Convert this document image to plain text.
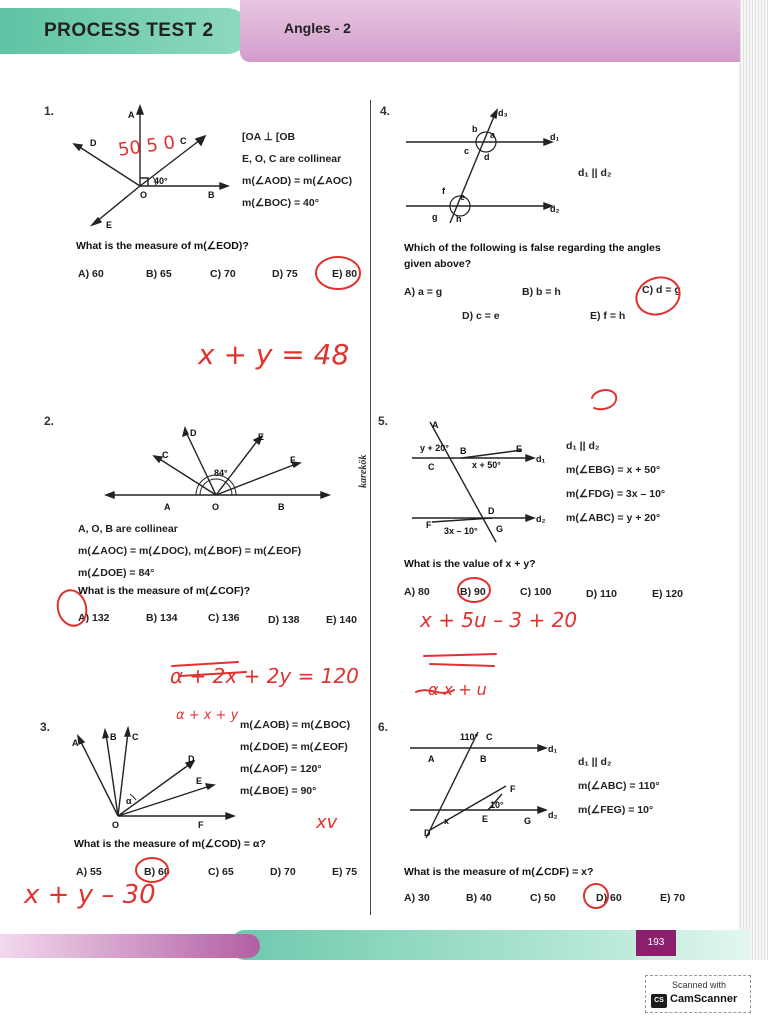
PROCESS TEST 2	Angles - 2
karekök
1.	A
C
D
B
O
E
40°
[OA ⊥ [OB
E, O, C are collinear
m(∠AOD) = m(∠AOC)
m(∠BOC) = 40°
What is the measure of m(∠EOD)?
A) 60	B) 65	C) 70	D) 75	E) 80
2.
D	E
C	F
A	O	B
84°
A, O, B are collinear
m(∠AOC) = m(∠DOC), m(∠BOF) = m(∠EOF)
m(∠DOE) = 84°
What is the measure of m(∠COF)?
A) 132	B) 134	C) 136	D) 138	E) 140
3.
A
B C
D
E
F
O
α
m(∠AOB) = m(∠BOC)
m(∠DOE) = m(∠EOF)
m(∠AOF) = 120°
m(∠BOE) = 90°
What is the measure of m(∠COD) = α?
A) 55	B) 60	C) 65	D) 70	E) 75
4.	d₃
d₁
d₂
b
a
c
d
f
e
g h
d₁ || d₂
Which of the following is false regarding the angles
given above?
A) a = g	B) b = h	C) d = g
D) c = e	E) f = h
5.	A
B
C
E
D
F	G
d₁
d₂
y + 20°
x + 50°
3x – 10°
d₁ || d₂
m(∠EBG) = x + 50°
m(∠FDG) = 3x – 10°
m(∠ABC) = y + 20°
What is the value of x + y?
A) 80	B) 90	C) 100	D) 110	E) 120
6.
110° C
A	B
F
10°
E	G
D
x
d₁
d₂
d₁ || d₂
m(∠ABC) = 110°
m(∠FEG) = 10°
What is the measure of m(∠CDF) = x?
A) 30	B) 40	C) 50	D) 60	E) 70
50 5 0
x + y = 48
x + 5u – 3 + 20
α + 2x + 2y = 120
α + x + y
x + y – 30
α x + u
xv
193
Scanned with
CS CamScanner
